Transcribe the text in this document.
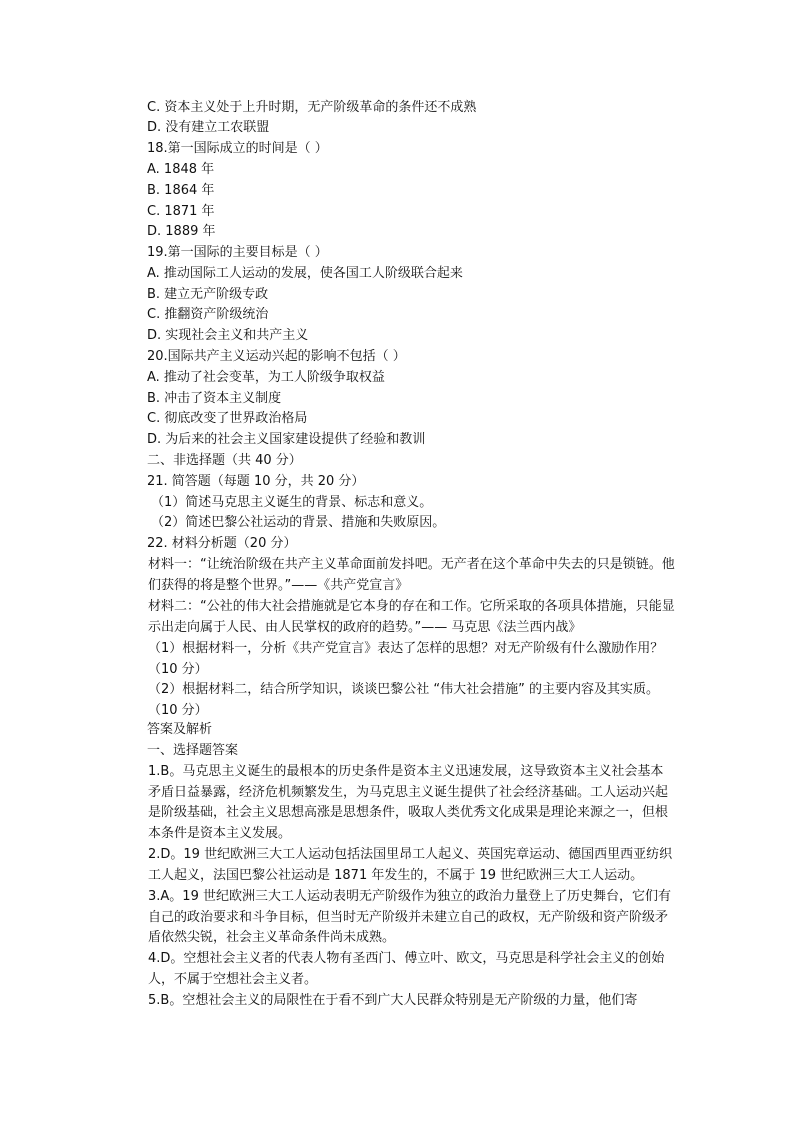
C. 资本主义处于上升时期，无产阶级革命的条件还不成熟
D. 没有建立工农联盟
18.第一国际成立的时间是（ ）
A. 1848 年
B. 1864 年
C. 1871 年
D. 1889 年
19.第一国际的主要目标是（ ）
A. 推动国际工人运动的发展，使各国工人阶级联合起来
B. 建立无产阶级专政
C. 推翻资产阶级统治
D. 实现社会主义和共产主义
20.国际共产主义运动兴起的影响不包括（ ）
A. 推动了社会变革，为工人阶级争取权益
B. 冲击了资本主义制度
C. 彻底改变了世界政治格局
D. 为后来的社会主义国家建设提供了经验和教训
二、非选择题（共 40 分）
21. 简答题（每题 10 分，共 20 分）
（1）简述马克思主义诞生的背景、标志和意义。
（2）简述巴黎公社运动的背景、措施和失败原因。
22. 材料分析题（20 分）
材料一：“让统治阶级在共产主义革命面前发抖吧。无产者在这个革命中失去的只是锁链。他们获得的将是整个世界。”——《共产党宣言》
材料二：“公社的伟大社会措施就是它本身的存在和工作。它所采取的各项具体措施，只能显示出走向属于人民、由人民掌权的政府的趋势。”—— 马克思《法兰西内战》
（1）根据材料一，分析《共产党宣言》表达了怎样的思想？对无产阶级有什么激励作用？（10 分）
（2）根据材料二，结合所学知识，谈谈巴黎公社 “伟大社会措施” 的主要内容及其实质。（10 分）
答案及解析
一、选择题答案
1.B。马克思主义诞生的最根本的历史条件是资本主义迅速发展，这导致资本主义社会基本矛盾日益暴露，经济危机频繁发生，为马克思主义诞生提供了社会经济基础。工人运动兴起是阶级基础，社会主义思想高涨是思想条件，吸取人类优秀文化成果是理论来源之一，但根本条件是资本主义发展。
2.D。19 世纪欧洲三大工人运动包括法国里昂工人起义、英国宪章运动、德国西里西亚纺织工人起义，法国巴黎公社运动是 1871 年发生的，不属于 19 世纪欧洲三大工人运动。
3.A。19 世纪欧洲三大工人运动表明无产阶级作为独立的政治力量登上了历史舞台，它们有自己的政治要求和斗争目标，但当时无产阶级并未建立自己的政权，无产阶级和资产阶级矛盾依然尖锐，社会主义革命条件尚未成熟。
4.D。空想社会主义者的代表人物有圣西门、傅立叶、欧文，马克思是科学社会主义的创始人，不属于空想社会主义者。
5.B。空想社会主义的局限性在于看不到广大人民群众特别是无产阶级的力量，他们寄
